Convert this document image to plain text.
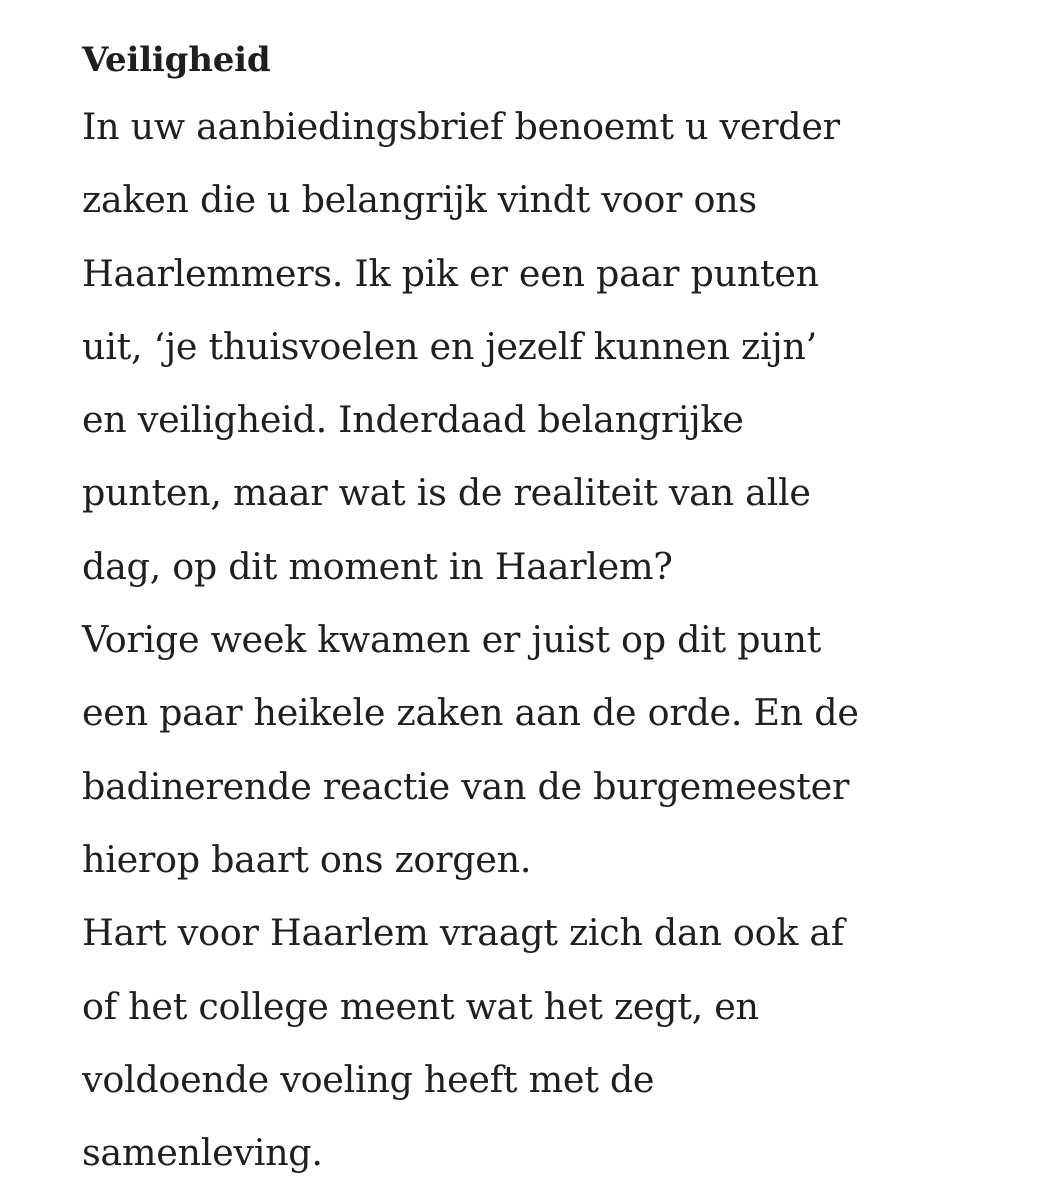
Veiligheid

In uw aanbiedingsbrief benoemt u verder
zaken die u belangrijk vindt voor ons
Haarlemmers. Ik pik er een paar punten
uit, ‘je thuisvoelen en jezelf kunnen zijn’
en veiligheid. Inderdaad belangrijke
punten, maar wat is de realiteit van alle
dag, op dit moment in Haarlem?

Vorige week kwamen er juist op dit punt
een paar heikele zaken aan de orde. En de
badinerende reactie van de burgemeester
hierop baart ons zorgen.

Hart voor Haarlem vraagt zich dan ook af
of het college meent wat het zegt, en
voldoende voeling heeft met de
samenleving.
